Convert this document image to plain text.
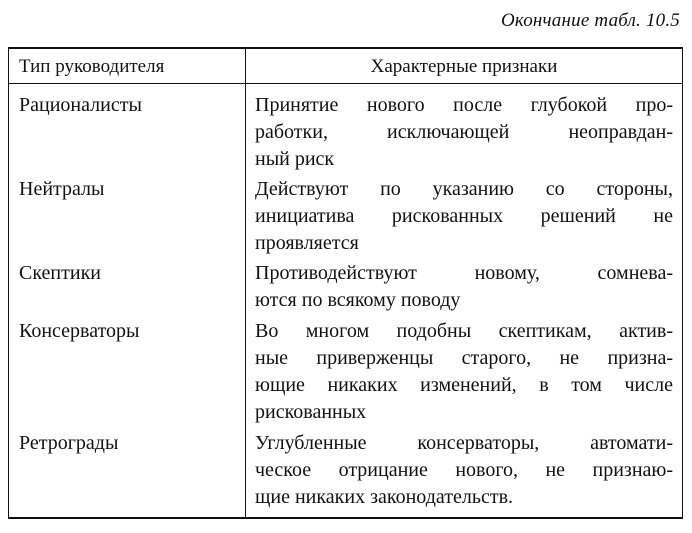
Окончание табл. 10.5
Тип руководителя	Характерные признаки
Рационалисты	Принятие нового после глубокой про-
работки, исключающей неоправдан-
ный риск
Нейтралы	Действуют по указанию со стороны,
инициатива рискованных решений не
проявляется
Скептики	Противодействуют новому, сомнева-
ются по всякому поводу
Консерваторы	Во многом подобны скептикам, актив-
ные приверженцы старого, не призна-
ющие никаких изменений, в том числе
рискованных
Ретрограды	Углубленные консерваторы, автомати-
ческое отрицание нового, не признаю-
щие никаких законодательств.
